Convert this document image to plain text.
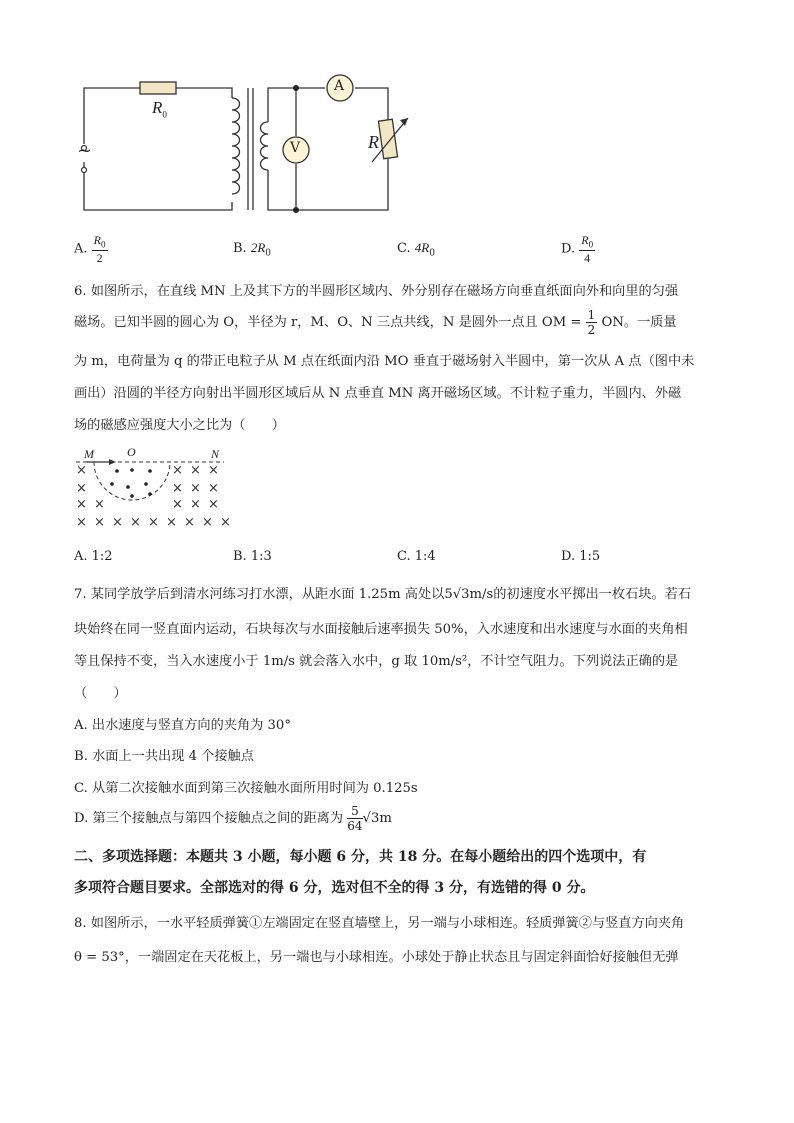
$R_0$
~
A
V	R
A. $\frac{R_0}{2}$	B. $2R_0$	C. $4R_0$	D. $\frac{R_0}{4}$
6. 如图所示，在直线 MN 上及其下方的半圆形区域内、外分别存在磁场方向垂直纸面向外和向里的匀强
磁场。已知半圆的圆心为 O，半径为 r，M、O、N 三点共线，N 是圆外一点且 OM = $\frac{1}{2}$ ON。一质量
为 m，电荷量为 q 的带正电粒子从 M 点在纸面内沿 MO 垂直于磁场射入半圆中，第一次从 A 点（图中未
画出）沿圆的半径方向射出半圆形区域后从 N 点垂直 MN 离开磁场区域。不计粒子重力，半圆内、外磁
场的磁感应强度大小之比为（　　）
×	× × ×
×	× × ×
× ×	× × ×
× × × × × × × × ×
M	O	N
A. 1:2	B. 1:3	C. 1:4	D. 1:5
7. 某同学放学后到清水河练习打水漂，从距水面 1.25m 高处以5√3m/s的初速度水平掷出一枚石块。若石
块始终在同一竖直面内运动，石块每次与水面接触后速率损失 50%，入水速度和出水速度与水面的夹角相
等且保持不变，当入水速度小于 1m/s 就会落入水中，g 取 10m/s²，不计空气阻力。下列说法正确的是
（　　）
A. 出水速度与竖直方向的夹角为 30°
B. 水面上一共出现 4 个接触点
C. 从第二次接触水面到第三次接触水面所用时间为 0.125s
D. 第三个接触点与第四个接触点之间的距离为 $\frac{5}{64} √3m$
二、多项选择题：本题共 3 小题，每小题 6 分，共 18 分。在每小题给出的四个选项中，有
多项符合题目要求。全部选对的得 6 分，选对但不全的得 3 分，有选错的得 0 分。
8. 如图所示，一水平轻质弹簧①左端固定在竖直墙壁上，另一端与小球相连。轻质弹簧②与竖直方向夹角
θ = 53°，一端固定在天花板上，另一端也与小球相连。小球处于静止状态且与固定斜面恰好接触但无弹
